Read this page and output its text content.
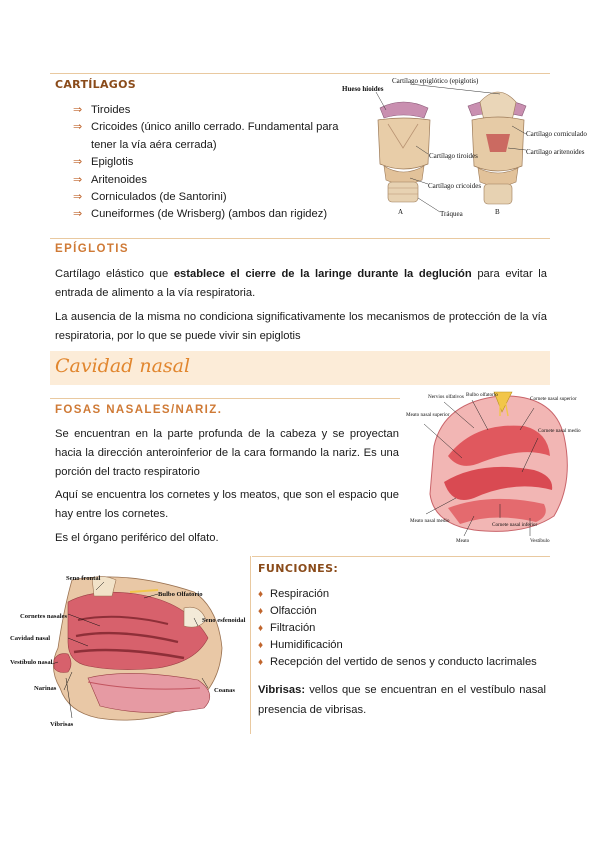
CARTÍLAGOS
⇒ Tiroides
⇒ Cricoides (único anillo cerrado. Fundamental para tener la vía aéra cerrada)
⇒ Epiglotis
⇒ Aritenoides
⇒ Corniculados (de Santorini)
⇒ Cuneiformes (de Wrisberg) (ambos dan rigidez)
Cartílago epiglótico (epiglotis)
Hueso hioides
Cartílago tiroides
Cartílago cricoides
Tráquea
Cartílago corniculado
Cartílago aritenoides
A	B
EPÍGLOTIS
Cartílago elástico que establece el cierre de la laringe durante la deglución para evitar la entrada de alimento a la vía respiratoria.
La ausencia de la misma no condiciona significativamente los mecanismos de protección de la vía respiratoria, por lo que se puede vivir sin epiglotis
Cavidad nasal
FOSAS NASALES/NARIZ.
Se encuentran en la parte profunda de la cabeza y se proyectan hacia la dirección anteroinferior de la cara formando la nariz. Es una porción del tracto respiratorio
Aquí se encuentra los cornetes y los meatos, que son el espacio que hay entre los cornetes.
Es el órgano periférico del olfato.
Nervios olfativos Bulbo olfatorio
Cornete nasal superior
Meato nasal superior
Cornete nasal medio
Meato nasal medio
Meato
Cornete nasal inferior
Vestíbulo
Seno frontal
Bulbo Olfatorio
Cornetes nasales
Seno esfenoidal
Cavidad nasal
Vestíbulo nasal
Narinas	Coanas
Vibrisas
FUNCIONES:
♦ Respiración
♦ Olfacción
♦ Filtración
♦ Humidificación
♦ Recepción del vertido de senos y conducto lacrimales
Vibrisas: vellos que se encuentran en el vestíbulo nasal presencia de vibrisas.
